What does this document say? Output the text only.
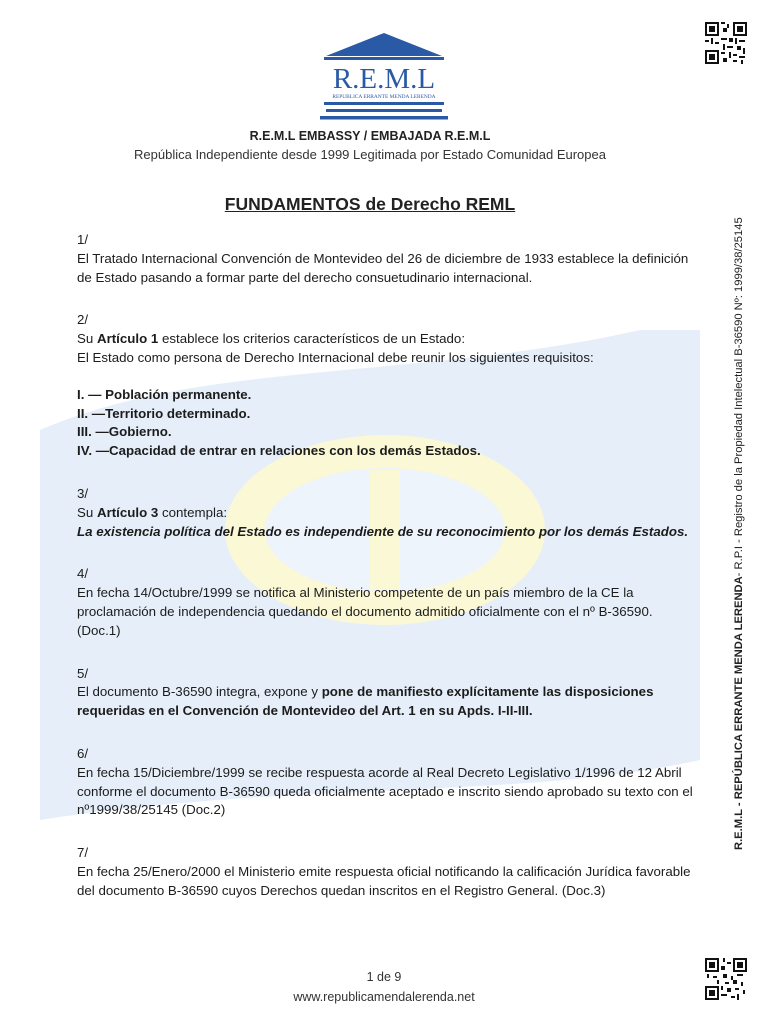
R.E.M.L
REPUBLICA ERRANTE MENDA LERENDA
R.E.M.L EMBASSY / EMBAJADA R.E.M.L
República Independiente desde 1999 Legitimada por Estado Comunidad Europea
FUNDAMENTOS de Derecho REML

1/

El Tratado Internacional Convención de Montevideo del 26 de diciembre de 1933 establece la definición de Estado pasando a formar parte del derecho consuetudinario internacional.

2/

Su Artículo 1 establece los criterios característicos de un Estado:

El Estado como persona de Derecho Internacional debe reunir los siguientes requisitos:

I. — Población permanente.

II. —Territorio determinado.

III. —Gobierno.

IV. —Capacidad de entrar en relaciones con los demás Estados.

3/

Su Artículo 3 contempla:

La existencia política del Estado es independiente de su reconocimiento por los demás Estados.

4/

En fecha 14/Octubre/1999 se notifica al Ministerio competente de un país miembro de la CE la proclamación de independencia quedando el documento admitido oficialmente con el nº B-36590. (Doc.1)

5/

El documento B-36590 integra, expone y pone de manifiesto explícitamente las disposiciones requeridas en el Convención de Montevideo del Art. 1 en su Apds. I-II-III.

6/

En fecha 15/Diciembre/1999 se recibe respuesta acorde al Real Decreto Legislativo 1/1996 de 12 Abril conforme el documento B-36590 queda oficialmente aceptado e inscrito siendo aprobado su texto con el nº1999/38/25145 (Doc.2)

7/

En fecha 25/Enero/2000 el Ministerio emite respuesta oficial notificando la calificación Jurídica favorable del documento B-36590 cuyos Derechos quedan inscritos en el Registro General. (Doc.3)

R.E.M.L - REPÚBLICA ERRANTE MENDA LERENDA- R.P.I - Registro de la Propiedad Intelectual B-36590 Nº: 1999/38/25145
1 de 9
www.republicamendalerenda.net
